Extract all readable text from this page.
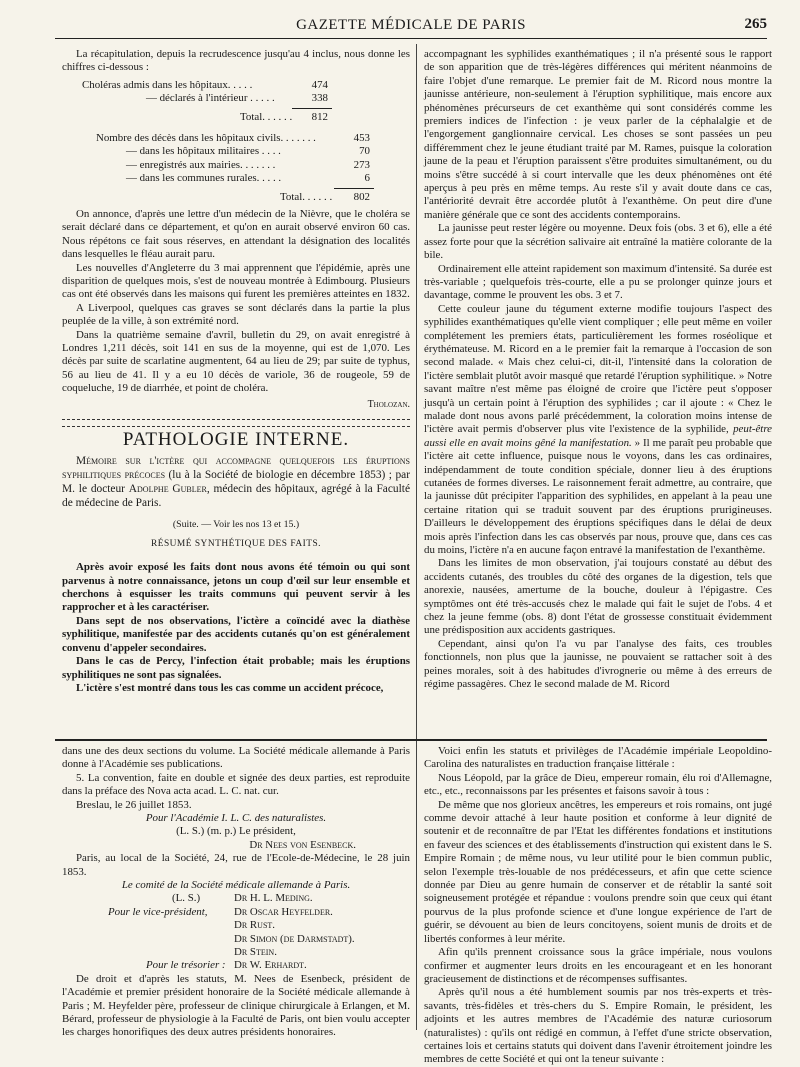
GAZETTE MÉDICALE DE PARIS	265

La récapitulation, depuis la recrudescence jusqu'au 4 inclus, nous donne les chiffres ci-dessous :

Choléras admis dans les hôpitaux. . . . .	474
— déclarés à l'intérieur . . . . .	338
Total. . . . . .	812
Nombre des décès dans les hôpitaux civils. . . . . . .	453
— dans les hôpitaux militaires . . . .	70
— enregistrés aux mairies. . . . . . .	273
— dans les communes rurales. . . . .	6
Total. . . . . .	802

On annonce, d'après une lettre d'un médecin de la Nièvre, que le choléra se serait déclaré dans ce département, et qu'on en aurait observé environ 60 cas. Nous répétons ce fait sous réserves, en attendant la désignation des localités dans lesquelles le fléau aurait paru.

Les nouvelles d'Angleterre du 3 mai apprennent que l'épidémie, après une disparition de quelques mois, s'est de nouveau montrée à Edimbourg. Plusieurs cas ont été observés dans les maisons qui furent les premières atteintes en 1832.

A Liverpool, quelques cas graves se sont déclarés dans la partie la plus peuplée de la ville, à son extrémité nord.

Dans la quatrième semaine d'avril, bulletin du 29, on avait enregistré à Londres 1,211 décès, soit 141 en sus de la moyenne, qui est de 1,070. Les décès par suite de scarlatine augmentent, 64 au lieu de 29; par suite de typhus, 56 au lieu de 41. Il y a eu 10 décès de variole, 36 de rougeole, 59 de coqueluche, 19 de diarrhée, et point de choléra.

Tholozan.
PATHOLOGIE INTERNE.

Mémoire sur l'ictère qui accompagne quelquefois les éruptions syphilitiques précoces (lu à la Société de biologie en décembre 1853) ; par M. le docteur Adolphe Gubler, médecin des hôpitaux, agrégé à la Faculté de médecine de Paris.

(Suite. — Voir les nos 13 et 15.)
RÉSUMÉ SYNTHÉTIQUE DES FAITS.

Après avoir exposé les faits dont nous avons été témoin ou qui sont parvenus à notre connaissance, jetons un coup d'œil sur leur ensemble et cherchons à esquisser les traits communs qui peuvent servir à les rapprocher et à les caractériser.

Dans sept de nos observations, l'ictère a coïncidé avec la diathèse syphilitique, manifestée par des accidents cutanés qu'on est généralement convenu d'appeler secondaires.

Dans le cas de Percy, l'infection était probable; mais les éruptions syphilitiques ne sont pas signalées.

L'ictère s'est montré dans tous les cas comme un accident précoce,

accompagnant les syphilides exanthématiques ; il n'a présenté sous le rapport de son apparition que de très-légères différences qui méritent néanmoins de faire l'objet d'une remarque. Le premier fait de M. Ricord nous montre la jaunisse antérieure, non-seulement à l'éruption syphilitique, mais encore aux phénomènes précurseurs de cet exanthème qui sont considérés comme les premiers indices de l'infection : je veux parler de la céphalalgie et de l'engorgement ganglionnaire cervical. Les choses se sont passées un peu différemment chez le jeune étudiant traité par M. Rames, puisque la coloration jaune de la peau et l'éruption paraissent s'être produites simultanément, ou du moins s'être succédé à si court intervalle que les deux phénomènes ont été aperçus à peu près en même temps. Au reste s'il y avait doute dans ce cas, l'antériorité devrait être accordée plutôt à l'exanthème. On peut dire d'une manière générale que ce sont des accidents contemporains.

La jaunisse peut rester légère ou moyenne. Deux fois (obs. 3 et 6), elle a été assez forte pour que la sécrétion salivaire ait entraîné la matière colorante de la bile.

Ordinairement elle atteint rapidement son maximum d'intensité. Sa durée est très-variable ; quelquefois très-courte, elle a pu se prolonger quinze jours et davantage, comme le prouvent les obs. 3 et 7.

Cette couleur jaune du tégument externe modifie toujours l'aspect des syphilides exanthématiques qu'elle vient compliquer ; elle peut même en voiler complétement les premiers états, particulièrement les formes roséolique et érythémateuse. M. Ricord en a le premier fait la remarque à l'occasion de son second malade. « Mais chez celui-ci, dit-il, l'intensité dans la coloration de l'ictère semblait plutôt avoir masqué que retardé l'éruption syphilitique. » Notre savant maître n'est même pas éloigné de croire que l'ictère peut s'opposer jusqu'à un certain point à l'éruption des syphilides ; car il ajoute : « Chez le malade dont nous avons parlé précédemment, la coloration moins intense de l'ictère avait permis d'observer plus vite l'existence de la syphilide, peut-être aussi elle en avait moins gêné la manifestation. » Il me paraît peu probable que l'ictère ait cette influence, puisque nous le voyons, dans les cas ordinaires, indépendamment de toute condition spéciale, donner lieu à des éruptions cutanées de formes diverses. Le raisonnement ferait admettre, au contraire, que la jaunisse dût précipiter l'apparition des syphilides, en appelant à la peau une certaine ritation qui se traduit souvent par des éruptions prurigineuses. D'ailleurs le développement des éruptions spécifiques dans le délai de deux mois après l'infection dans les cas observés par nous, prouve que, dans ces cas du moins, l'ictère n'a en aucune façon entravé la manifestation de l'exanthème.

Dans les limites de mon observation, j'ai toujours constaté au début des accidents cutanés, des troubles du côté des organes de la digestion, tels que anorexie, nausées, amertume de la bouche, douleur à l'épigastre. Ces symptômes ont été très-accusés chez le malade qui fait le sujet de l'obs. 4 et chez la jeune femme (obs. 8) dont l'état de grossesse constituait évidemment une prédisposition aux accidents gastriques.

Cependant, ainsi qu'on l'a vu par l'analyse des faits, ces troubles fonctionnels, non plus que la jaunisse, ne pouvaient se rattacher soit à des peines morales, soit à des habitudes d'ivrognerie ou même à des erreurs de régime passagères. Chez le second malade de M. Ricord

dans une des deux sections du volume. La Société médicale allemande à Paris donne à l'Académie ses publications.

5. La convention, faite en double et signée des deux parties, est reproduite dans la préface des Nova acta acad. L. C. nat. cur.

Breslau, le 26 juillet 1853.

Pour l'Académie I. L. C. des naturalistes.
(L. S.) (m. p.) Le président,
Dr Nees von Esenbeck.

Paris, au local de la Société, 24, rue de l'Ecole-de-Médecine, le 28 juin 1853.

Le comité de la Société médicale allemande à Paris.
(L. S.)	Dr H. L. Meding.
Pour le vice-président, Dr Oscar Heyfelder.
Dr Rust.
Dr Simon (de Darmstadt).
Dr Stein.
Pour le trésorier : Dr W. Erhardt.

De droit et d'après les statuts, M. Nees de Esenbeck, président de l'Académie et premier président honoraire de la Société médicale allemande à Paris ; M. Heyfelder père, professeur de clinique chirurgicale à Erlangen, et M. Bérard, professeur de physiologie à la Faculté de Paris, ont bien voulu accepter les charges honorifiques des deux autres présidents honoraires.

Voici enfin les statuts et privilèges de l'Académie impériale Leopoldino-Carolina des naturalistes en traduction française littérale :

Nous Léopold, par la grâce de Dieu, empereur romain, élu roi d'Allemagne, etc., etc., reconnaissons par les présentes et faisons savoir à tous :

De même que nos glorieux ancêtres, les empereurs et rois romains, ont jugé comme devoir attaché à leur haute position et conforme à leur dignité de soutenir et de reconnaître de par l'Etat les différentes fondations et institutions en faveur des sciences et des établissements d'instruction qui existent dans le S. Empire Romain ; de même nous, vu leur utilité pour le bien commun public, selon l'exemple très-louable de nos prédécesseurs, et afin que cette science donnée par Dieu au genre humain de conserver et de rétablir la santé soit soigneusement protégée et répandue : voulons prendre soin que ceux qui étant pourvus de la plus profonde science et d'une longue expérience de l'art de guérir, se dévouent au bien de leurs concitoyens, soient munis de droits et de libertés conformes à leur mérite.

Afin qu'ils prennent croissance sous la grâce impériale, nous voulons confirmer et augmenter leurs droits en les encourageant et en les honorant gracieusement de distinctions et de récompenses suffisantes.

Après qu'il nous a été humblement soumis par nos très-experts et très-savants, très-fidèles et très-chers du S. Empire Romain, le président, les adjoints et les autres membres de l'Académie des naturæ curiosorum (naturalistes) : qu'ils ont rédigé en commun, à l'effet d'une stricte observation, certaines lois et certains statuts qui doivent dans l'avenir étroitement joindre les membres de cette Société et qui ont la teneur suivante :
